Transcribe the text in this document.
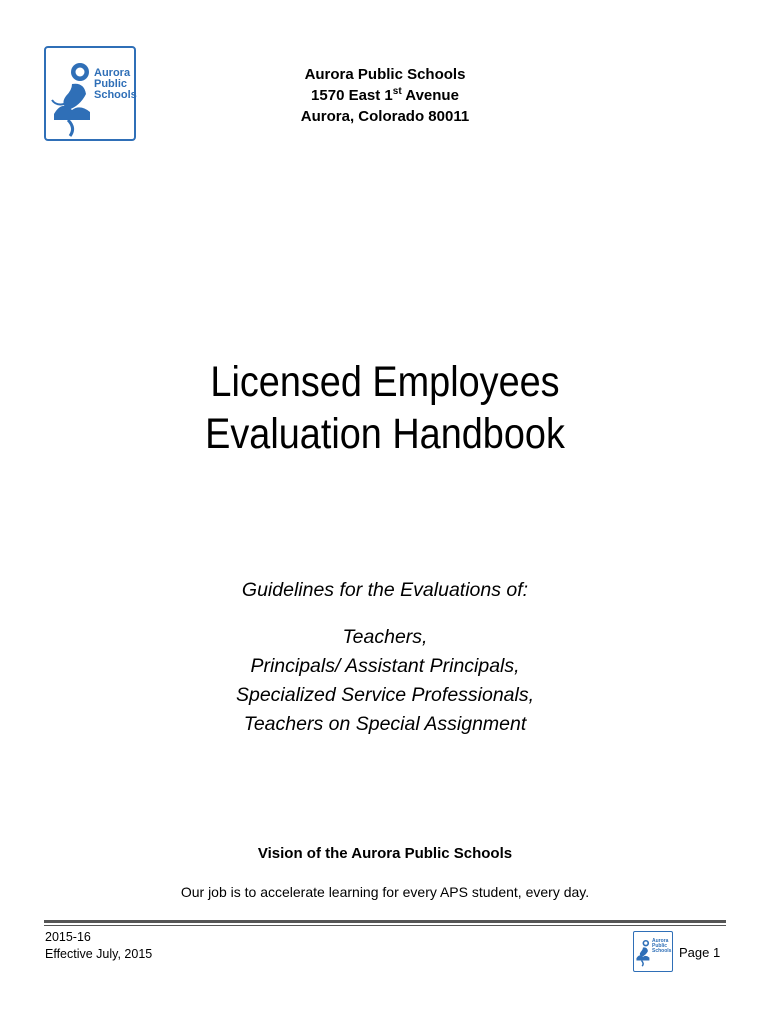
Aurora
Public
Schools
Aurora Public Schools
1570 East 1st Avenue
Aurora, Colorado 80011
Licensed Employees
Evaluation Handbook
Guidelines for the Evaluations of:
Teachers,
Principals/ Assistant Principals,
Specialized Service Professionals,
Teachers on Special Assignment
Vision of the Aurora Public Schools
Our job is to accelerate learning for every APS student, every day.
2015-16
Effective July, 2015
Aurora
Public
Schools Page 1
